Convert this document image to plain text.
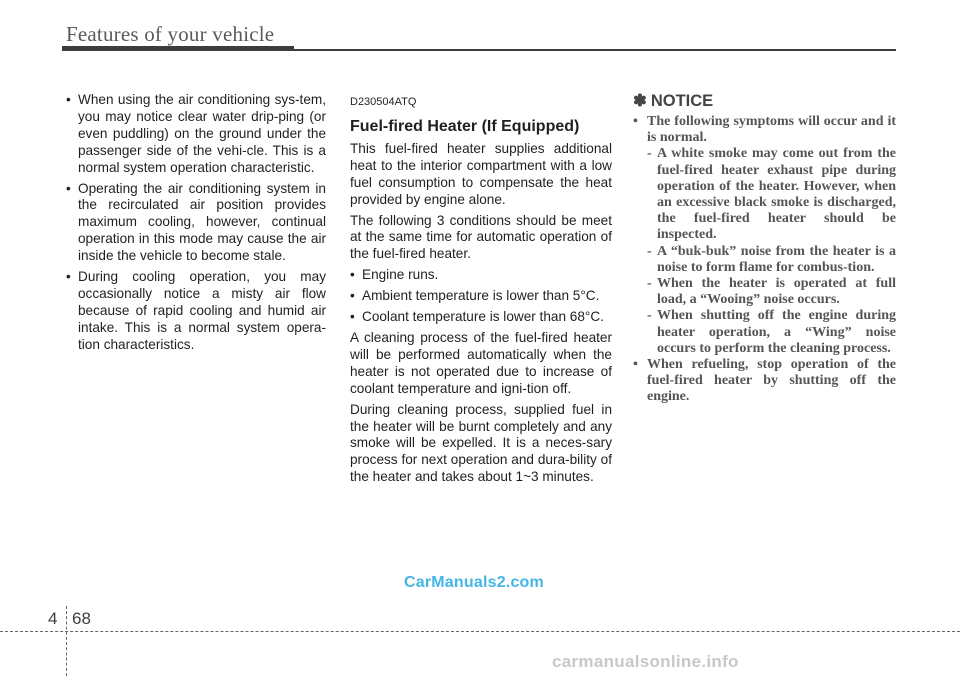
Features of your vehicle
• When using the air conditioning sys-tem, you may notice clear water drip-ping (or even puddling) on the ground under the passenger side of the vehi-cle. This is a normal system operation characteristic.
• Operating the air conditioning system in the recirculated air position provides maximum cooling, however, continual operation in this mode may cause the air inside the vehicle to become stale.
• During cooling operation, you may occasionally notice a misty air flow because of rapid cooling and humid air intake. This is a normal system opera-tion characteristics.
D230504ATQ
Fuel-fired Heater (If Equipped)
This fuel-fired heater supplies additional heat to the interior compartment with a low fuel consumption to compensate the heat provided by engine alone.
The following 3 conditions should be meet at the same time for automatic operation of the fuel-fired heater.
• Engine runs.
• Ambient temperature is lower than 5°C.
• Coolant temperature is lower than 68°C.
A cleaning process of the fuel-fired heater will be performed automatically when the heater is not operated due to increase of coolant temperature and igni-tion off.
During cleaning process, supplied fuel in the heater will be burnt completely and any smoke will be expelled. It is a neces-sary process for next operation and dura-bility of the heater and takes about 1~3 minutes.
✽ NOTICE
• The following symptoms will occur and it is normal.
- A white smoke may come out from the fuel-fired heater exhaust pipe during operation of the heater. However, when an excessive black smoke is discharged, the fuel-fired heater should be inspected.
- A “buk-buk” noise from the heater is a noise to form flame for combus-tion.
- When the heater is operated at full load, a “Wooing” noise occurs.
- When shutting off the engine during heater operation, a “Wing” noise occurs to perform the cleaning process.
• When refueling, stop operation of the fuel-fired heater by shutting off the engine.
CarManuals2.com
4 68
carmanualsonline.info
